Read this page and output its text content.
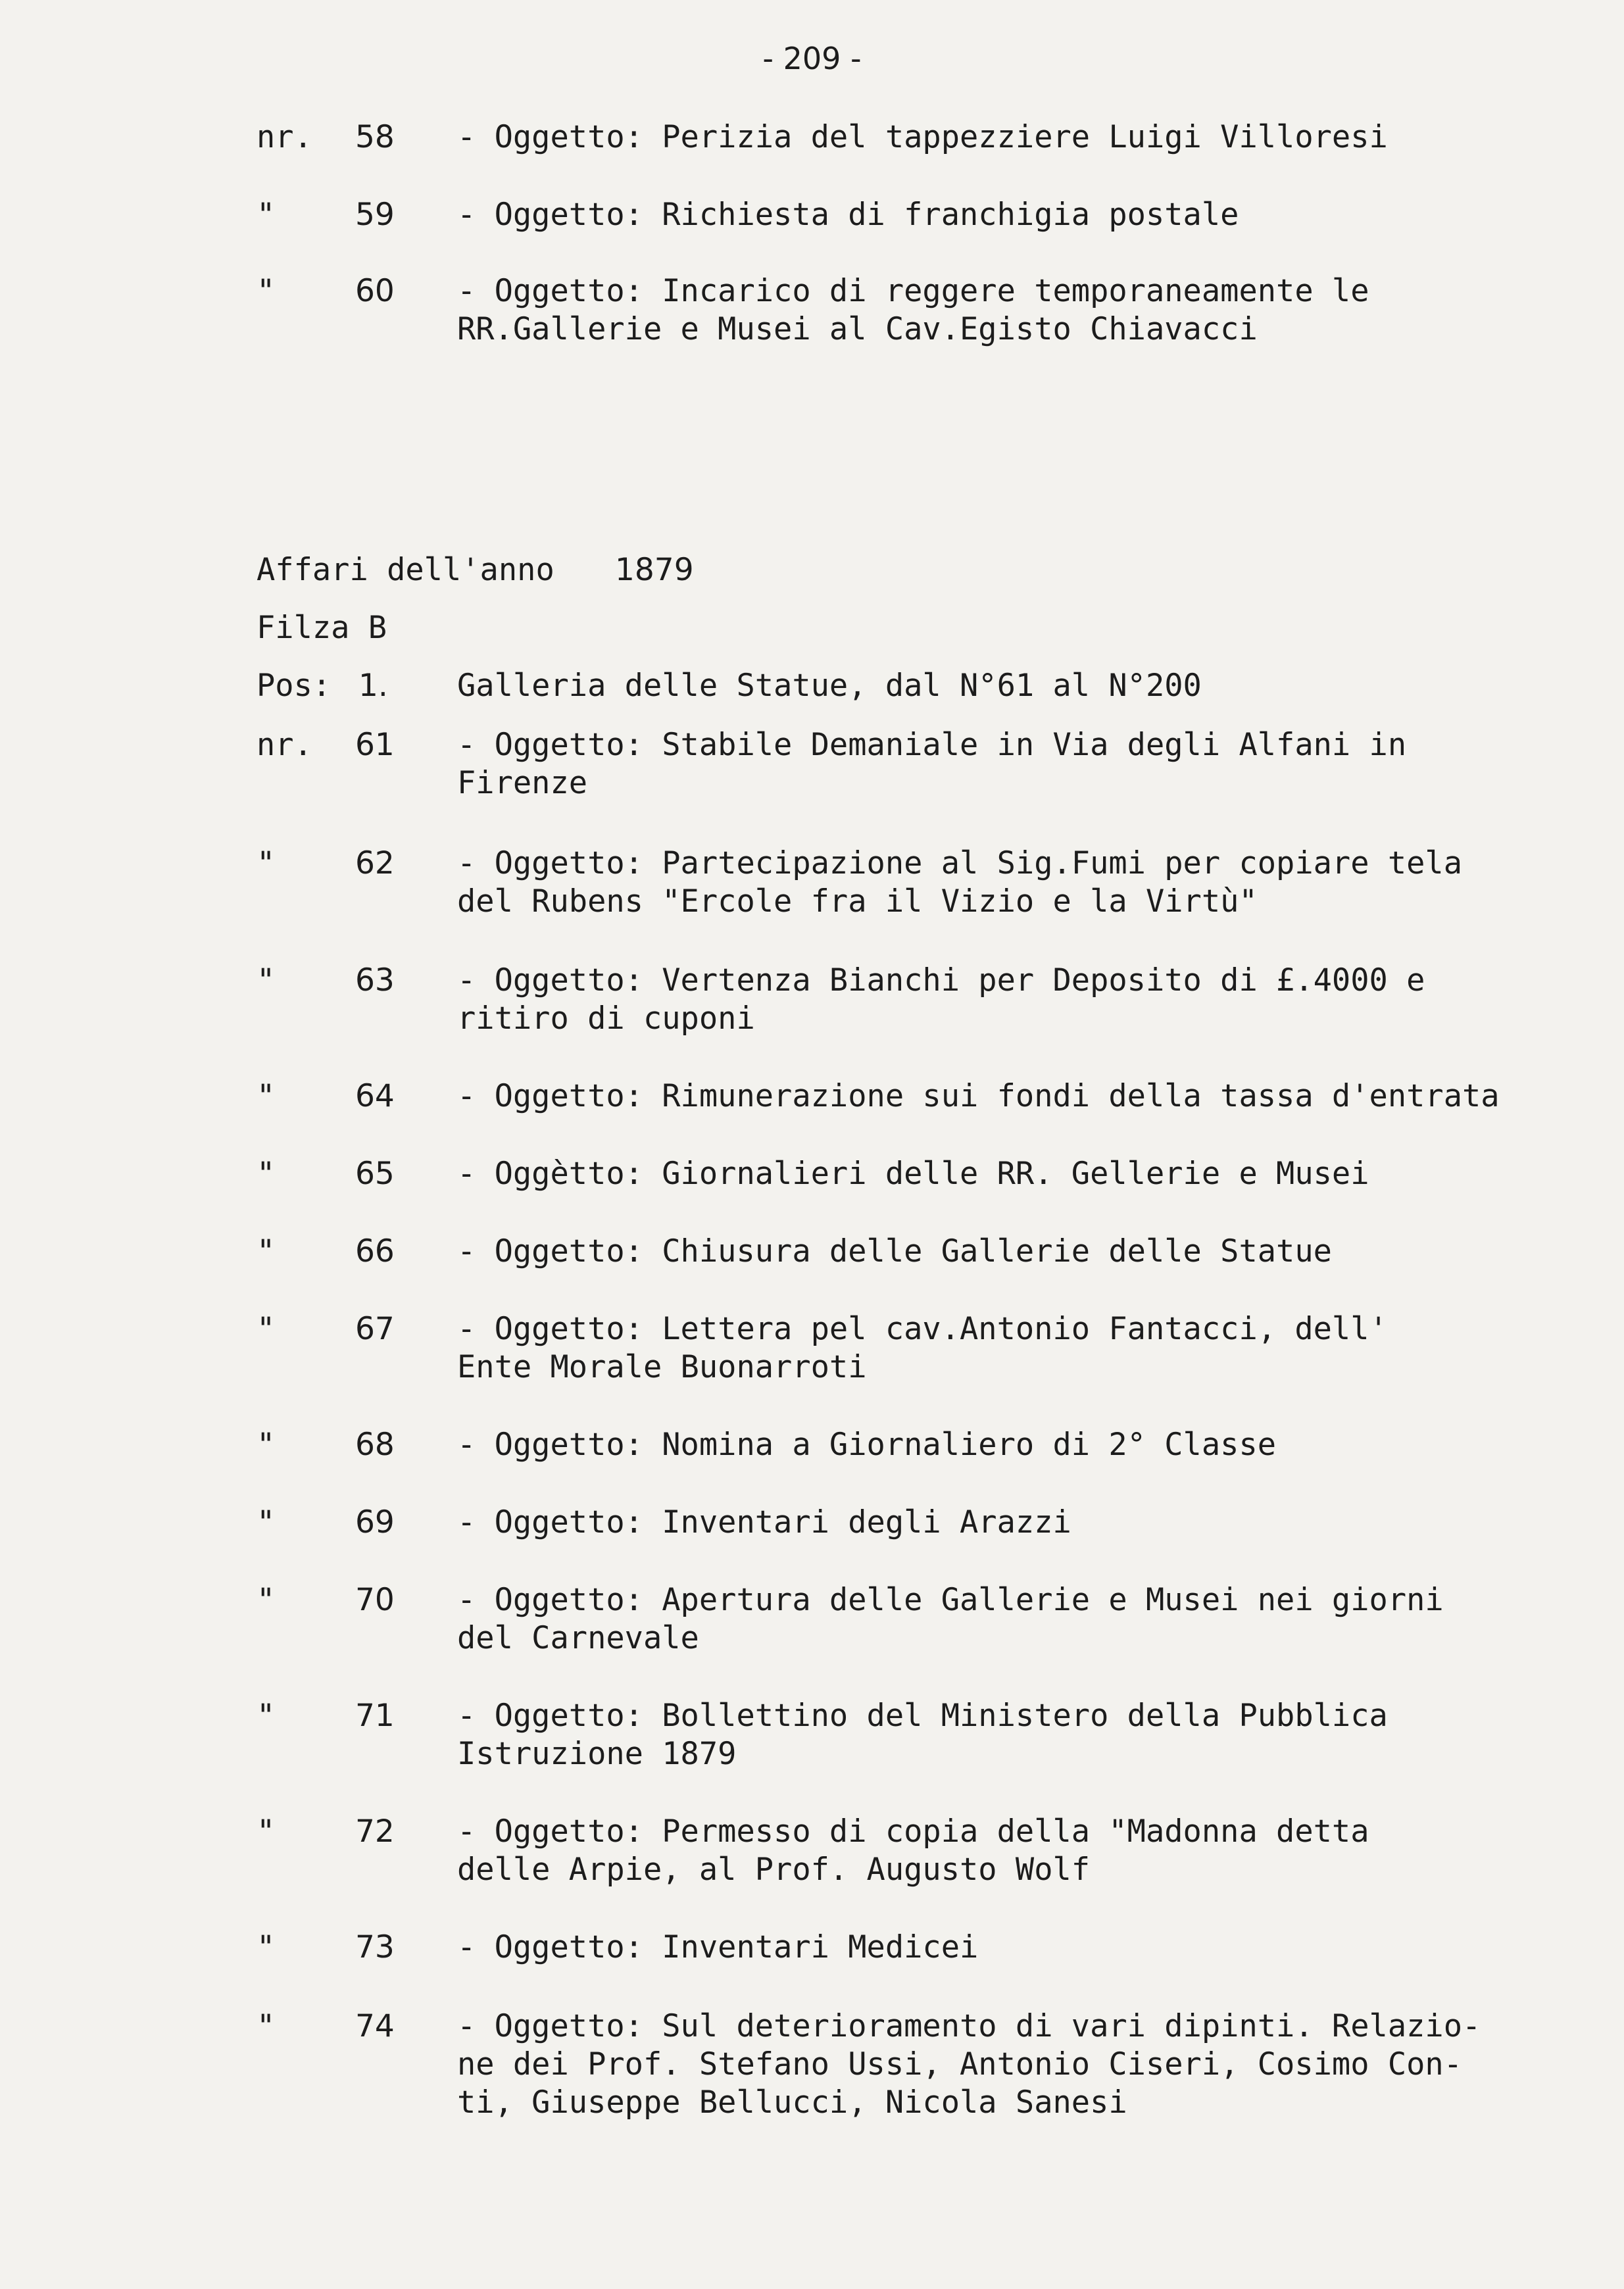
- 209 -
nr. 58 - Oggetto: Perizia del tappezziere Luigi Villoresi
"	59 - Oggetto: Richiesta di franchigia postale
"	60 - Oggetto: Incarico di reggere temporaneamente le
RR.Gallerie e Musei al Cav.Egisto Chiavacci
Affari dell'anno 1879
Filza B
Pos: 1. Galleria delle Statue, dal N°61 al N°200
nr. 61 - Oggetto: Stabile Demaniale in Via degli Alfani in
Firenze
"	62 - Oggetto: Partecipazione al Sig.Fumi per copiare tela
del Rubens "Ercole fra il Vizio e la Virtù"
"	63 - Oggetto: Vertenza Bianchi per Deposito di £.4000 e
ritiro di cuponi
"	64 - Oggetto: Rimunerazione sui fondi della tassa d'entrata
"	65 - Oggètto: Giornalieri delle RR. Gellerie e Musei
"	66 - Oggetto: Chiusura delle Gallerie delle Statue
"	67 - Oggetto: Lettera pel cav.Antonio Fantacci, dell'
Ente Morale Buonarroti
"	68 - Oggetto: Nomina a Giornaliero di 2° Classe
"	69 - Oggetto: Inventari degli Arazzi
"	70 - Oggetto: Apertura delle Gallerie e Musei nei giorni
del Carnevale
"	71 - Oggetto: Bollettino del Ministero della Pubblica
Istruzione 1879
"	72 - Oggetto: Permesso di copia della "Madonna detta
delle Arpie, al Prof. Augusto Wolf
"	73 - Oggetto: Inventari Medicei
"	74 - Oggetto: Sul deterioramento di vari dipinti. Relazio-
ne dei Prof. Stefano Ussi, Antonio Ciseri, Cosimo Con-
ti, Giuseppe Bellucci, Nicola Sanesi
